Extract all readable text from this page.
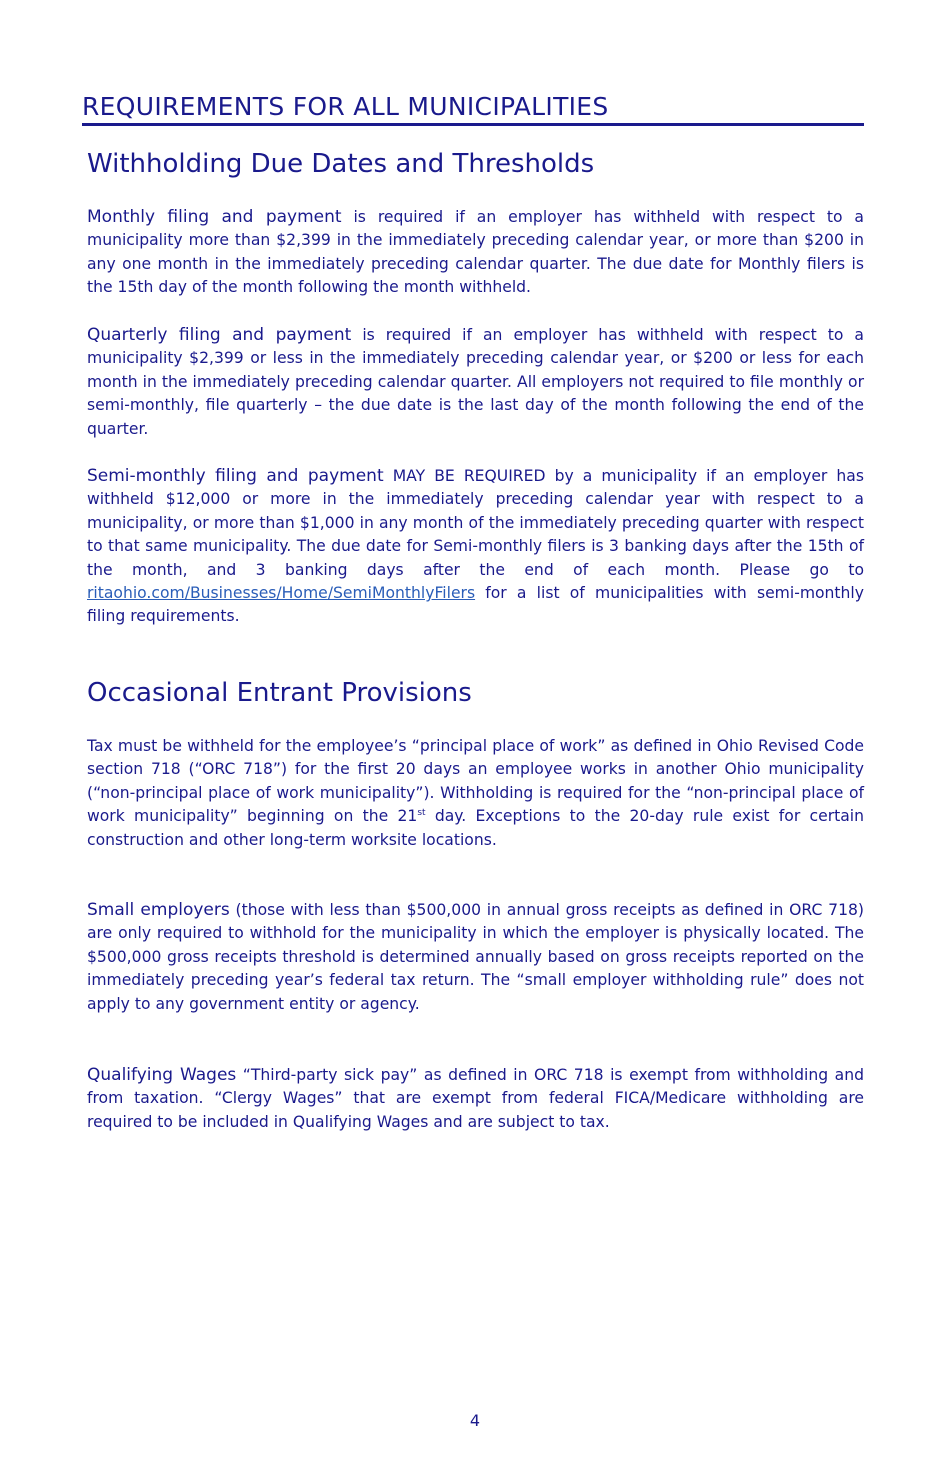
REQUIREMENTS FOR ALL MUNICIPALITIES
Withholding Due Dates and Thresholds

Monthly filing and payment is required if an employer has withheld with respect to a municipality more than $2,399 in the immediately preceding calendar year, or more than $200 in any one month in the immediately preceding calendar quarter. The due date for Monthly filers is the 15th day of the month following the month withheld.

Quarterly filing and payment is required if an employer has withheld with respect to a municipality $2,399 or less in the immediately preceding calendar year, or $200 or less for each month in the immediately preceding calendar quarter. All employers not required to file monthly or semi-monthly, file quarterly – the due date is the last day of the month following the end of the quarter.

Semi-monthly filing and payment MAY BE REQUIRED by a municipality if an employer has withheld $12,000 or more in the immediately preceding calendar year with respect to a municipality, or more than $1,000 in any month of the immediately preceding quarter with respect to that same municipality. The due date for Semi-monthly filers is 3 banking days after the 15th of the month, and 3 banking days after the end of each month. Please go to ritaohio.com/Businesses/Home/SemiMonthlyFilers for a list of municipalities with semi-monthly filing requirements.

Occasional Entrant Provisions

Tax must be withheld for the employee’s “principal place of work” as defined in Ohio Revised Code section 718 (“ORC 718”) for the first 20 days an employee works in another Ohio municipality (“non-principal place of work municipality”). Withholding is required for the “non-principal place of work municipality” beginning on the 21st day. Exceptions to the 20-day rule exist for certain construction and other long-term worksite locations.

Small employers (those with less than $500,000 in annual gross receipts as defined in ORC 718) are only required to withhold for the municipality in which the employer is physically located. The $500,000 gross receipts threshold is determined annually based on gross receipts reported on the immediately preceding year’s federal tax return. The “small employer withholding rule” does not apply to any government entity or agency.

Qualifying Wages “Third-party sick pay” as defined in ORC 718 is exempt from withholding and from taxation. “Clergy Wages” that are exempt from federal FICA/Medicare withholding are required to be included in Qualifying Wages and are subject to tax.

4
